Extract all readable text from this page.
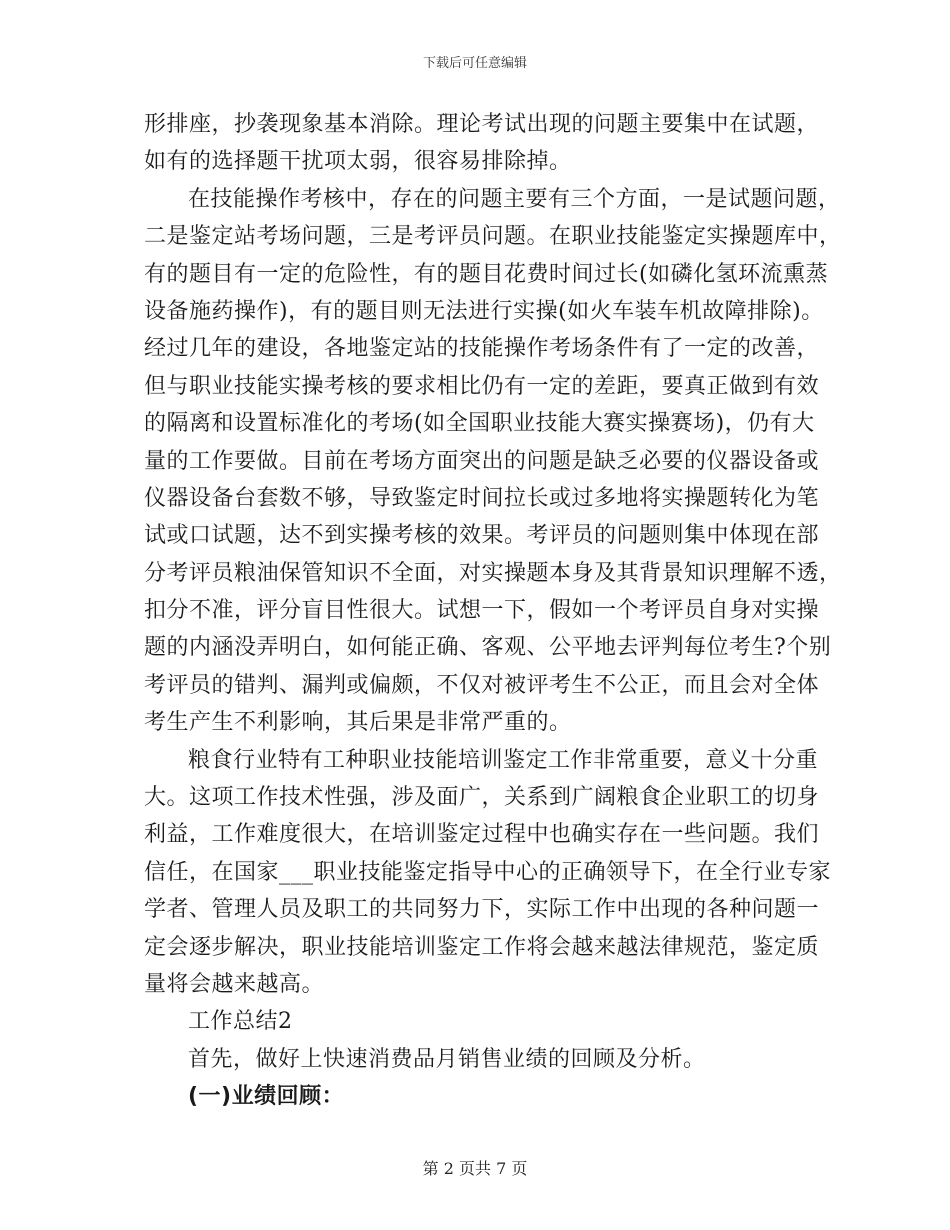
下载后可任意编辑
形排座，抄袭现象基本消除。理论考试出现的问题主要集中在试题，
如有的选择题干扰项太弱，很容易排除掉。
在技能操作考核中，存在的问题主要有三个方面，一是试题问题，
二是鉴定站考场问题，三是考评员问题。在职业技能鉴定实操题库中，
有的题目有一定的危险性，有的题目花费时间过长(如磷化氢环流熏蒸
设备施药操作)，有的题目则无法进行实操(如火车装车机故障排除)。
经过几年的建设，各地鉴定站的技能操作考场条件有了一定的改善，
但与职业技能实操考核的要求相比仍有一定的差距，要真正做到有效
的隔离和设置标准化的考场(如全国职业技能大赛实操赛场)，仍有大
量的工作要做。目前在考场方面突出的问题是缺乏必要的仪器设备或
仪器设备台套数不够，导致鉴定时间拉长或过多地将实操题转化为笔
试或口试题，达不到实操考核的效果。考评员的问题则集中体现在部
分考评员粮油保管知识不全面，对实操题本身及其背景知识理解不透，
扣分不准，评分盲目性很大。试想一下，假如一个考评员自身对实操
题的内涵没弄明白，如何能正确、客观、公平地去评判每位考生?个别
考评员的错判、漏判或偏颇，不仅对被评考生不公正，而且会对全体
考生产生不利影响，其后果是非常严重的。
粮食行业特有工种职业技能培训鉴定工作非常重要，意义十分重
大。这项工作技术性强，涉及面广，关系到广阔粮食企业职工的切身
利益，工作难度很大，在培训鉴定过程中也确实存在一些问题。我们
信任，在国家___职业技能鉴定指导中心的正确领导下，在全行业专家
学者、管理人员及职工的共同努力下，实际工作中出现的各种问题一
定会逐步解决，职业技能培训鉴定工作将会越来越法律规范，鉴定质
量将会越来越高。
工作总结2
首先，做好上快速消费品月销售业绩的回顾及分析。
(一)业绩回顾：
第 2 页共 7 页
